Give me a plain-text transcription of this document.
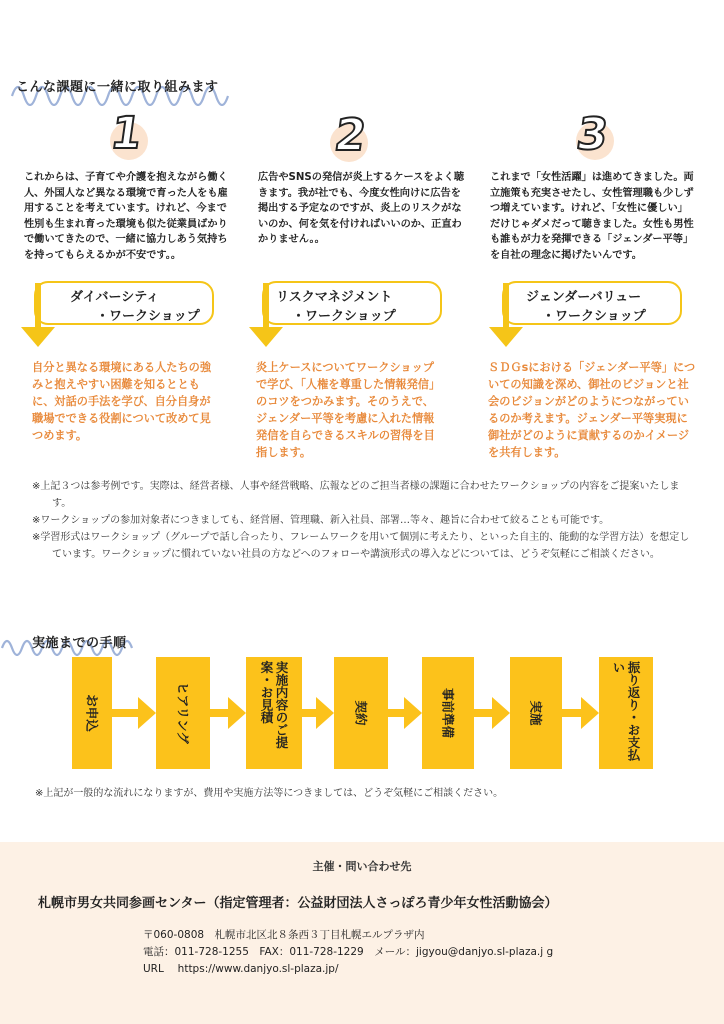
こんな課題に一緒に取り組みます
1
これからは、子育てや介護を抱えながら働く人、外国人など異なる環境で育った人をも雇用することを考えています。けれど、今まで性別も生まれ育った環境も似た従業員ばかりで働いてきたので、一緒に協力しあう気持ちを持ってもらえるかが不安です。。
ダイバーシティ
・ワークショップ
自分と異なる環境にある人たちの強みと抱えやすい困難を知るとともに、対話の手法を学び、自分自身が職場でできる役割について改めて見つめます。
2
広告やSNSの発信が炎上するケースをよく聴きます。我が社でも、今度女性向けに広告を掲出する予定なのですが、炎上のリスクがないのか、何を気を付ければいいのか、正直わかりません。。
リスクマネジメント
・ワークショップ
炎上ケースについてワークショップで学び、「人権を尊重した情報発信」のコツをつかみます。そのうえで、ジェンダー平等を考慮に入れた情報発信を自らできるスキルの習得を目指します。
3
これまで「女性活躍」は進めてきました。両立施策も充実させたし、女性管理職も少しずつ増えています。けれど、「女性に優しい」だけじゃダメだって聴きました。女性も男性も誰もが力を発揮できる「ジェンダー平等」を自社の理念に掲げたいんです。
ジェンダーバリュー
・ワークショップ
ＳＤＧsにおける「ジェンダー平等」についての知識を深め、御社のビジョンと社会のビジョンがどのようにつながっているのか考えます。ジェンダー平等実現に御社がどのように貢献するのかイメージを共有します。
※上記３つは参考例です。実際は、経営者様、人事や経営戦略、広報などのご担当者様の課題に合わせたワークショップの内容をご提案いたします。
※ワークショップの参加対象者につきましても、経営層、管理職、新入社員、部署…等々、趣旨に合わせて絞ることも可能です。
※学習形式はワークショップ（グループで話し合ったり、フレームワークを用いて個別に考えたり、といった自主的、能動的な学習方法）を想定しています。ワークショップに慣れていない社員の方などへのフォローや講演形式の導入などについては、どうぞ気軽にご相談ください。
実施までの手順
お申込	ヒアリング	実施内容のご提案・お見積	契約	事前準備	実施	振り返り・お支払い
※上記が一般的な流れになりますが、費用や実施方法等につきましては、どうぞ気軽にご相談ください。
主催・問い合わせ先
札幌市男女共同参画センター（指定管理者：公益財団法人さっぽろ青少年女性活動協会）
〒060-0808　札幌市北区北８条西３丁目札幌エルプラザ内
電話：011-728-1255　FAX：011-728-1229　メール：jigyou@danjyo.sl-plaza.j g
URL　 https://www.danjyo.sl-plaza.jp/
